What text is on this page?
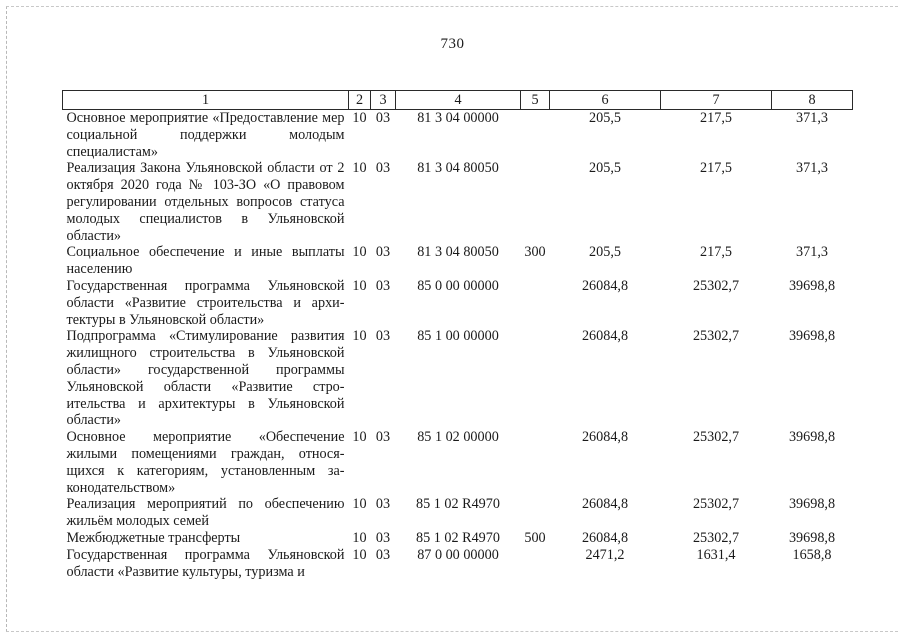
730
1	2	3	4	5	6	7	8
Основное мероприятие «Предоставление мер социальной поддержки молодым специалистам»	10	03	81 3 04 00000		205,5	217,5	371,3
Реализация Закона Ульяновской области от 2 октября 2020 года № 103-ЗО «О правовом регулировании отдельных вопросов статуса молодых специалистов в Ульяновской области»	10	03	81 3 04 80050		205,5	217,5	371,3
Социальное обеспечение и иные выплаты населению	10	03	81 3 04 80050	300	205,5	217,5	371,3
Государственная программа Ульяновской области «Развитие строительства и архитектуры в Ульяновской области»	10	03	85 0 00 00000		26084,8	25302,7	39698,8
Подпрограмма «Стимулирование развития жилищного строительства в Ульяновской области» государственной программы Ульяновской области «Развитие строительства и архитектуры в Ульяновской области»	10	03	85 1 00 00000		26084,8	25302,7	39698,8
Основное мероприятие «Обеспечение жилыми помещениями граждан, относящихся к категориям, установленным законодательством»	10	03	85 1 02 00000		26084,8	25302,7	39698,8
Реализация мероприятий по обеспечению жильём молодых семей	10	03	85 1 02 R4970		26084,8	25302,7	39698,8
Межбюджетные трансферты	10	03	85 1 02 R4970	500	26084,8	25302,7	39698,8
Государственная программа Ульяновской области «Развитие культуры, туризма и	10	03	87 0 00 00000		2471,2	1631,4	1658,8
